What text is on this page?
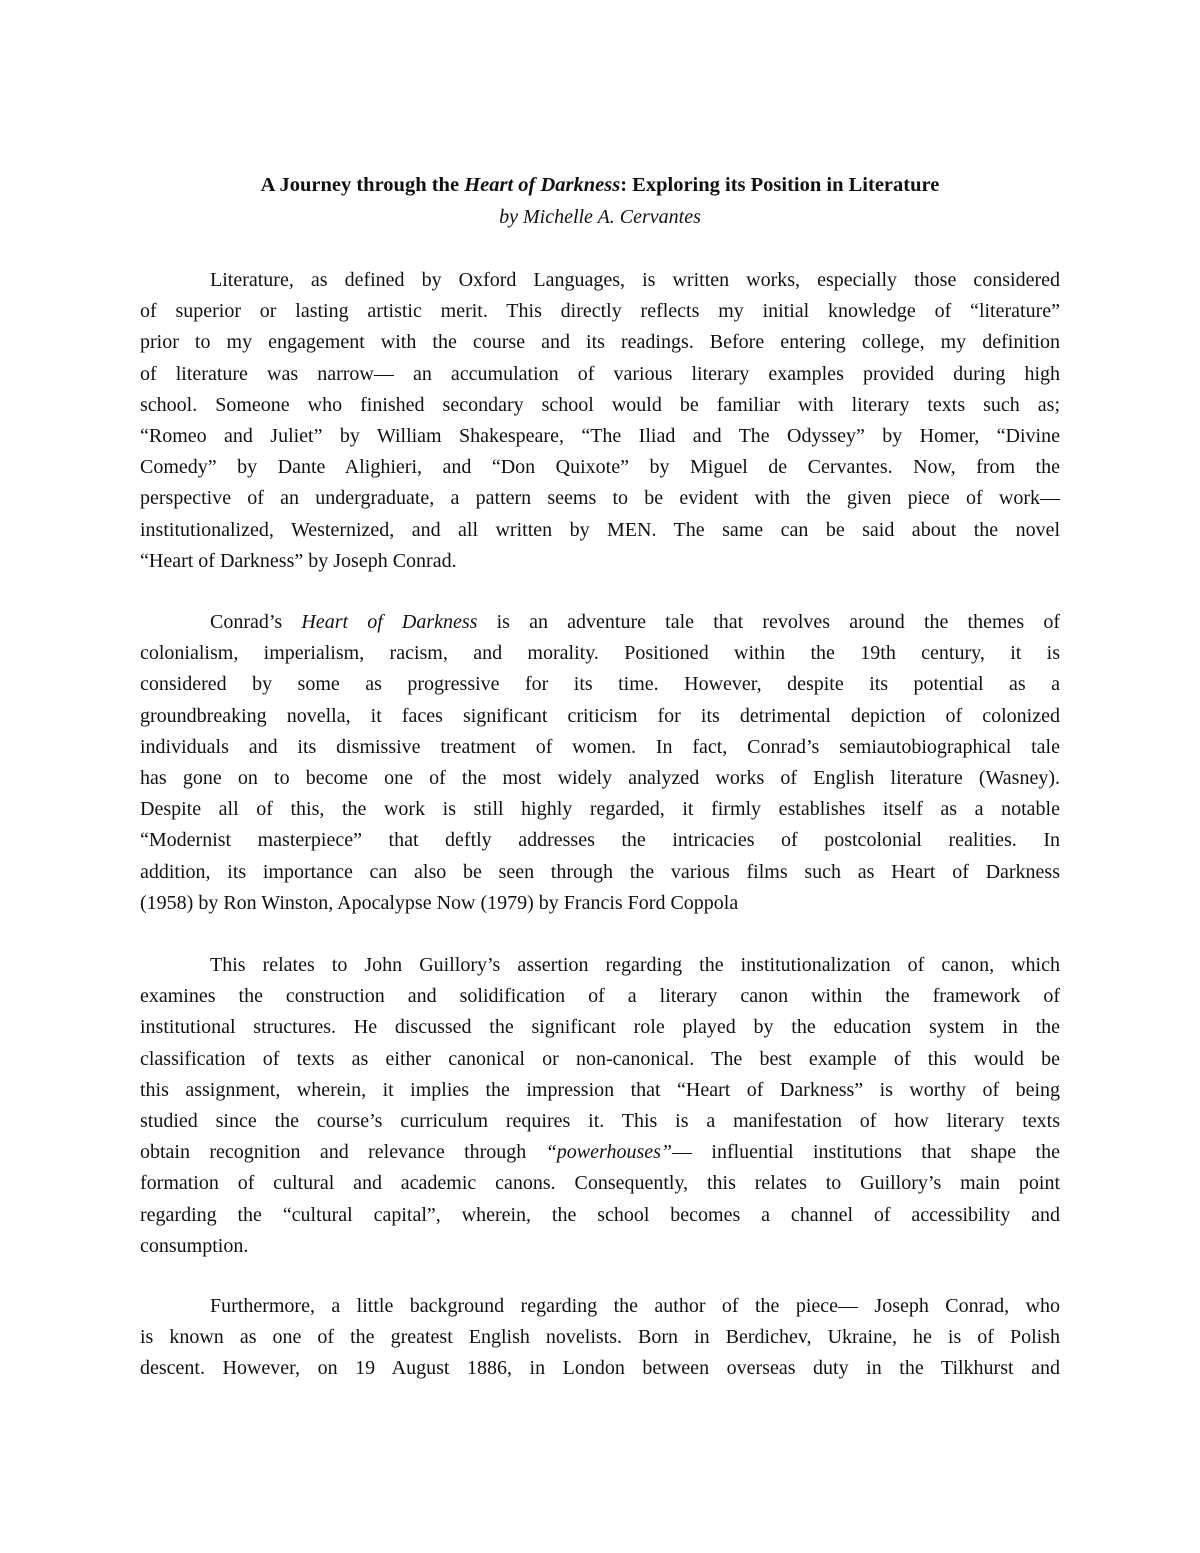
A Journey through the Heart of Darkness: Exploring its Position in Literature
by Michelle A. Cervantes
Literature, as defined by Oxford Languages, is written works, especially those considered
of superior or lasting artistic merit. This directly reflects my initial knowledge of “literature”
prior to my engagement with the course and its readings. Before entering college, my definition
of literature was narrow— an accumulation of various literary examples provided during high
school. Someone who finished secondary school would be familiar with literary texts such as;
“Romeo and Juliet” by William Shakespeare, “The Iliad and The Odyssey” by Homer, “Divine
Comedy” by Dante Alighieri, and “Don Quixote” by Miguel de Cervantes. Now, from the
perspective of an undergraduate, a pattern seems to be evident with the given piece of work—
institutionalized, Westernized, and all written by MEN. The same can be said about the novel
“Heart of Darkness” by Joseph Conrad.
Conrad’s Heart of Darkness is an adventure tale that revolves around the themes of
colonialism, imperialism, racism, and morality. Positioned within the 19th century, it is
considered by some as progressive for its time. However, despite its potential as a
groundbreaking novella, it faces significant criticism for its detrimental depiction of colonized
individuals and its dismissive treatment of women. In fact, Conrad’s semiautobiographical tale
has gone on to become one of the most widely analyzed works of English literature (Wasney).
Despite all of this, the work is still highly regarded, it firmly establishes itself as a notable
“Modernist masterpiece” that deftly addresses the intricacies of postcolonial realities. In
addition, its importance can also be seen through the various films such as Heart of Darkness
(1958) by Ron Winston, Apocalypse Now (1979) by Francis Ford Coppola
This relates to John Guillory’s assertion regarding the institutionalization of canon, which
examines the construction and solidification of a literary canon within the framework of
institutional structures. He discussed the significant role played by the education system in the
classification of texts as either canonical or non-canonical. The best example of this would be
this assignment, wherein, it implies the impression that “Heart of Darkness” is worthy of being
studied since the course’s curriculum requires it. This is a manifestation of how literary texts
obtain recognition and relevance through “powerhouses”— influential institutions that shape the
formation of cultural and academic canons. Consequently, this relates to Guillory’s main point
regarding the “cultural capital”, wherein, the school becomes a channel of accessibility and
consumption.
Furthermore, a little background regarding the author of the piece— Joseph Conrad, who
is known as one of the greatest English novelists. Born in Berdichev, Ukraine, he is of Polish
descent. However, on 19 August 1886, in London between overseas duty in the Tilkhurst and
